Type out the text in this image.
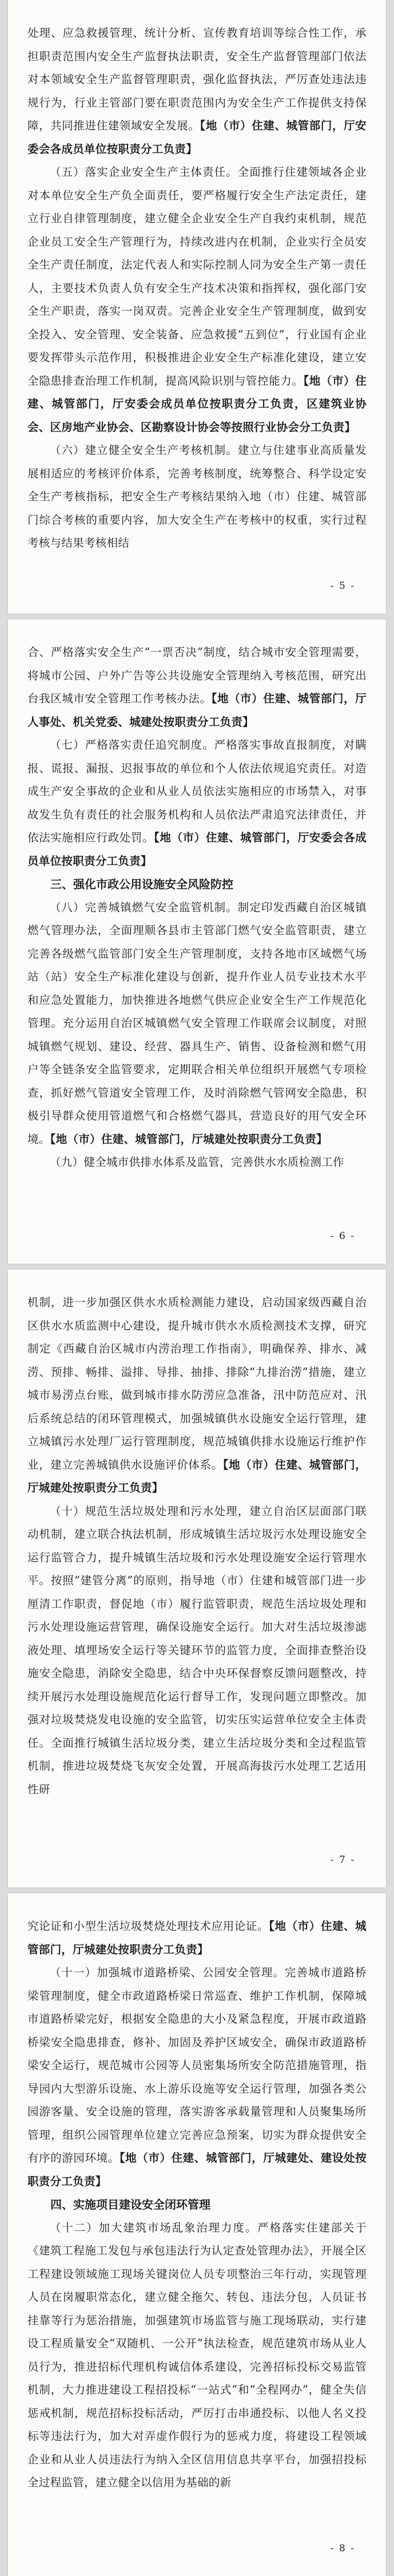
处理、应急救援管理、统计分析、宣传教育培训等综合性工作，承担职责范围内安全生产监督执法职责，安全生产监督管理部门依法对本领域安全生产监督管理职责，强化监督执法，严厉查处违法违规行为，行业主管部门要在职责范围内为安全生产工作提供支持保障，共同推进住建领域安全发展。【地（市）住建、城管部门，厅安委会各成员单位按职责分工负责】

（五）落实企业安全生产主体责任。全面推行住建领域各企业对本单位安全生产负全面责任，要严格履行安全生产法定责任，建立行业自律管理制度，建立健全企业安全生产自我约束机制，规范企业员工安全生产管理行为，持续改进内在机制，企业实行全员安全生产责任制度，法定代表人和实际控制人同为安全生产第一责任人，主要技术负责人负有安全生产技术决策和指挥权，强化部门安全生产职责，落实一岗双责。完善企业安全生产管理制度，做到安全投入、安全管理、安全装备、应急救援“五到位”，行业国有企业要发挥带头示范作用，积极推进企业安全生产标准化建设，建立安全隐患排查治理工作机制，提高风险识别与管控能力。【地（市）住建、城管部门，厅安委会成员单位按职责分工负责，区建筑业协会、区房地产业协会、区勘察设计协会等按照行业协会分工负责】

（六）建立健全安全生产考核机制。建立与住建事业高质量发展相适应的考核评价体系，完善考核制度，统筹整合、科学设定安全生产考核指标，把安全生产考核结果纳入地（市）住建、城管部门综合考核的重要内容，加大安全生产在考核中的权重，实行过程考核与结果考核相结

- 5 -

合、严格落实安全生产“一票否决”制度，结合城市安全管理需要，将城市公园、户外广告等公共设施安全管理纳入考核范围，研究出台我区城市安全管理工作考核办法。【地（市）住建、城管部门，厅人事处、机关党委、城建处按职责分工负责】

（七）严格落实责任追究制度。严格落实事故直报制度，对瞒报、谎报、漏报、迟报事故的单位和个人依法依规追究责任。对造成生产安全事故的企业和从业人员依法实施相应的市场禁入，对事故发生负有责任的社会服务机构和人员依法严肃追究法律责任，并依法实施相应行政处罚。【地（市）住建、城管部门，厅安委会各成员单位按职责分工负责】

三、强化市政公用设施安全风险防控

（八）完善城镇燃气安全监管机制。制定印发西藏自治区城镇燃气管理办法，全面理顺各县市主管部门燃气安全监管职责，建立完善各级燃气监管部门安全生产管理制度，支持各地市区域燃气场站（站）安全生产标准化建设与创新，提升作业人员专业技术水平和应急处置能力，加快推进各地燃气供应企业安全生产工作规范化管理。充分运用自治区城镇燃气安全管理工作联席会议制度，对照城镇燃气规划、建设、经营、器具生产、销售、设备检测和燃气用户等全链条安全监管要求，定期联合相关单位组织开展燃气专项检查，抓好燃气管道安全管理工作，及时消除燃气管网安全隐患，积极引导群众使用管道燃气和合格燃气器具，营造良好的用气安全环境。【地（市）住建、城管部门，厅城建处按职责分工负责】

（九）健全城市供排水体系及监管，完善供水水质检测工作

- 6 -

机制，进一步加强区供水水质检测能力建设，启动国家级西藏自治区供水水质监测中心建设，提升城市供水水质检测技术支撑，研究制定《西藏自治区城市内涝治理工作指南》，明确保养、排水、减涝、预排、畅排、溢排、导排、抽排、排除“九排治涝”措施，建立城市易涝点台账，做到城市排水防涝应急准备，汛中防范应对、汛后系统总结的闭环管理模式，加强城镇供水设施安全运行管理，建立城镇污水处理厂运行管理制度，规范城镇供排水设施运行维护作业，建立完善城镇供水设施评价体系。【地（市）住建、城管部门，厅城建处按职责分工负责】

（十）规范生活垃圾处理和污水处理，建立自治区层面部门联动机制，建立联合执法机制，形成城镇生活垃圾污水处理设施安全运行监管合力，提升城镇生活垃圾和污水处理设施安全运行管理水平。按照“建管分离”的原则，指导地（市）住建和城管部门进一步厘清工作职责，督促地（市）履行监管职责，规范生活垃圾处理和污水处理设施运营管理，确保设施安全运行。加大对生活垃圾渗滤液处理、填埋场安全运行等关键环节的监管力度，全面排查整治设施安全隐患，消除安全隐患，结合中央环保督察反馈问题整改，持续开展污水处理设施规范化运行督导工作，发现问题立即整改。加强对垃圾焚烧发电设施的安全监管，切实压实运营单位安全主体责任。全面推行城镇生活垃圾分类，建立生活垃圾分类和全过程监管机制，推进垃圾焚烧飞灰安全处置，开展高海拔污水处理工艺适用性研

- 7 -

究论证和小型生活垃圾焚烧处理技术应用论证。【地（市）住建、城管部门，厅城建处按职责分工负责】

（十一）加强城市道路桥梁、公园安全管理。完善城市道路桥梁管理制度，健全市政道路桥梁日常巡查、维护工作机制，保障城市道路桥梁完好，根据安全隐患的大小及紧急程度，开展市政道路桥梁安全隐患排查，修补、加固及养护区域安全，确保市政道路桥梁安全运行，规范城市公园等人员密集场所安全防范措施管理，指导园内大型游乐设施、水上游乐设施等安全运行管理，加强各类公园游客量、安全设施的管理，落实游客承载量管理和人员聚集场所管理，组织公园管理单位建立完善应急预案，切实为群众提供安全有序的游园环境。【地（市）住建、城管部门，厅城建处、建设处按职责分工负责】

四、实施项目建设安全闭环管理

（十二）加大建筑市场乱象治理力度。严格落实住建部关于《建筑工程施工发包与承包违法行为认定查处管理办法》，开展全区工程建设领域施工现场关键岗位人员专项整治三年行动，实现管理人员在岗履职常态化，建立健全拖欠、转包、违法分包，人员证书挂靠等行为惩治措施，加强建筑市场监管与施工现场联动，实行建设工程质量安全“双随机、一公开”执法检查，规范建筑市场从业人员行为，推进招标代理机构诚信体系建设，完善招标投标交易监管机制，大力推进建设工程招投标“一站式”和“全程网办”，健全失信惩戒机制，规范招标投标活动，严厉打击串通投标、以他人名义投标等违法行为，加大对弄虚作假行为的惩戒力度，将建设工程领域企业和从业人员违法行为纳入全区信用信息共享平台，加强招投标全过程监管，建立健全以信用为基础的新

- 8 -
